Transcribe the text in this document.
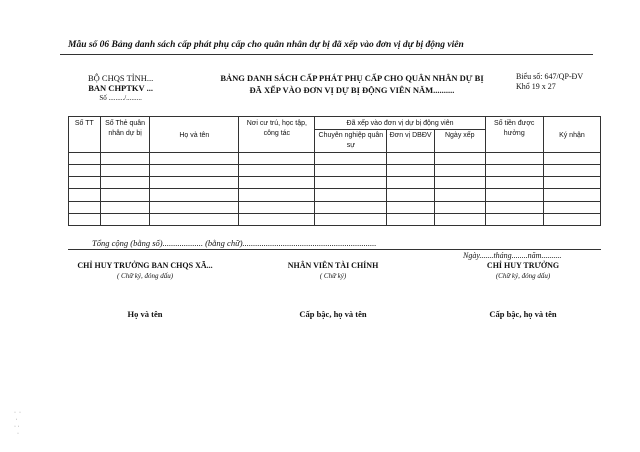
Mẫu số 06 Bảng danh sách cấp phát phụ cấp cho quân nhân dự bị đã xếp vào đơn vị dự bị động viên
BỘ CHQS TỈNH...
BAN CHPTKV ...
Số ........./.........
BẢNG DANH SÁCH CẤP PHÁT PHỤ CẤP CHO QUÂN NHÂN DỰ BỊ
ĐÃ XẾP VÀO ĐƠN VỊ DỰ BỊ ĐỘNG VIÊN NĂM..........
Biểu số: 647/QP-ĐV
Khổ 19 x 27
Số TT	Số Thẻ quân nhân dự bị	Họ và tên	Nơi cư trú, học tập, công tác	Đã xếp vào đơn vị dự bị động viên			Số tiền được hưởng	Ký nhận
				Chuyên nghiệp quân sự	Đơn vị DBĐV	Ngày xếp		

Tổng cộng (bằng số)................... (bằng chữ)...............................................................
Ngày.......tháng........năm..........
CHỈ HUY TRƯỞNG BAN CHQS XÃ...
( Chữ ký, đóng dấu)
Họ và tên
NHÂN VIÊN TÀI CHÍNH
( Chữ ký)
Cấp bậc, họ và tên
CHỈ HUY TRƯỞNG
(Chữ ký, đóng dấu)
Cấp bậc, họ và tên
·  ·
·
· ·
·
